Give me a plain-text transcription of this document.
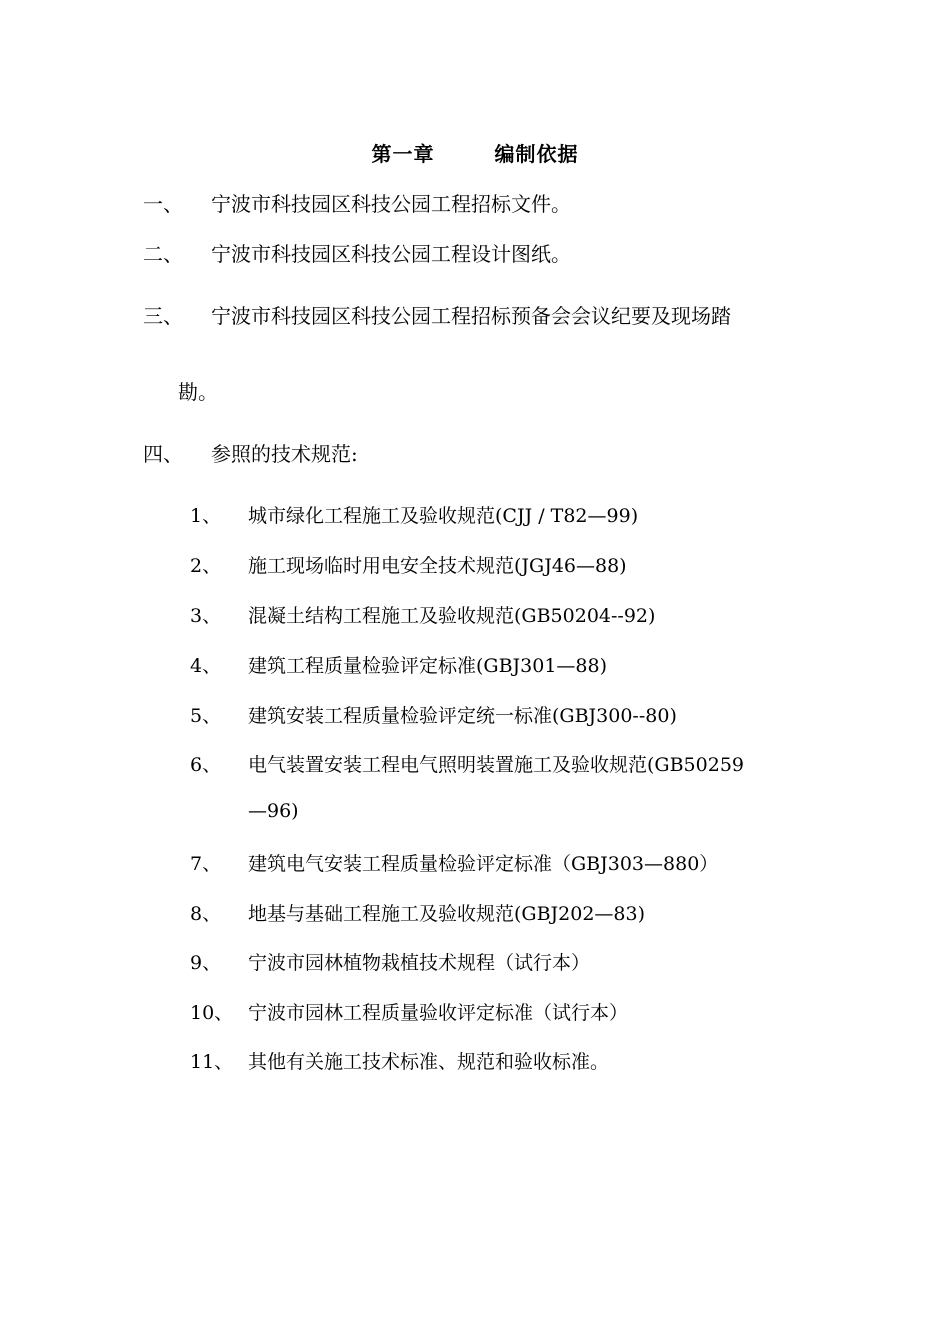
第一章	编制依据
一、 宁波市科技园区科技公园工程招标文件。
二、 宁波市科技园区科技公园工程设计图纸。
三、 宁波市科技园区科技公园工程招标预备会会议纪要及现场踏
勘。
四、 参照的技术规范:
1、 城市绿化工程施工及验收规范(CJJ / T82—99)
2、 施工现场临时用电安全技术规范(JGJ46—88)
3、 混凝土结构工程施工及验收规范(GB50204--92)
4、 建筑工程质量检验评定标准(GBJ301—88)
5、 建筑安装工程质量检验评定统一标准(GBJ300--80)
6、 电气装置安装工程电气照明装置施工及验收规范(GB50259
—96)
7、 建筑电气安装工程质量检验评定标准（GBJ303—880）
8、 地基与基础工程施工及验收规范(GBJ202—83)
9、 宁波市园林植物栽植技术规程（试行本）
10、 宁波市园林工程质量验收评定标准（试行本）
11、 其他有关施工技术标准、规范和验收标准。
